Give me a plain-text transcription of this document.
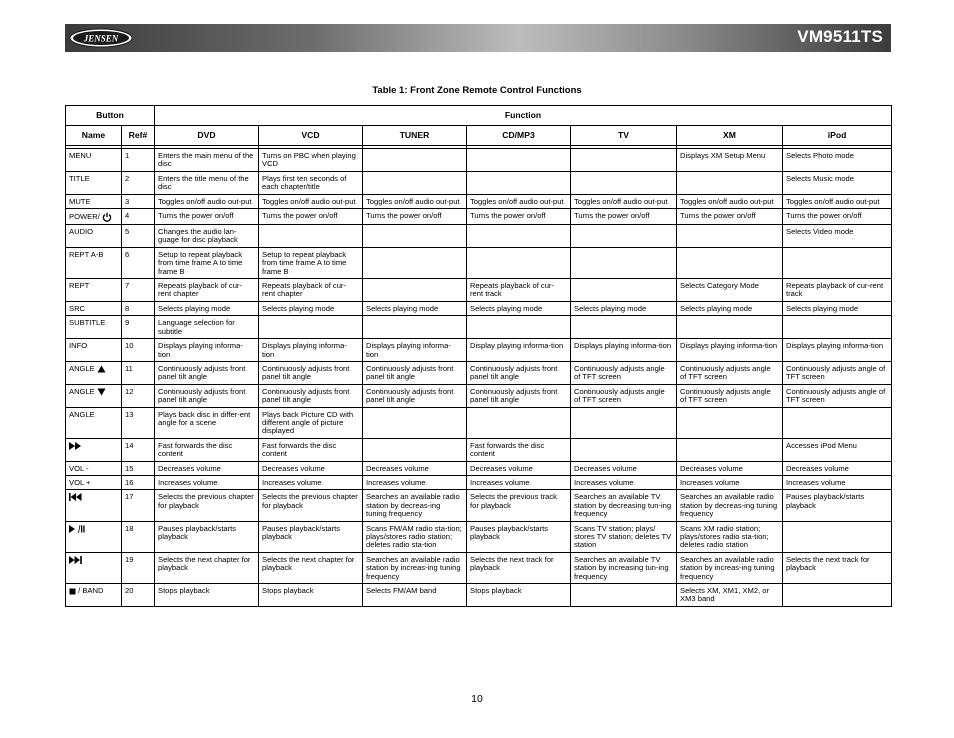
JENSEN	VM9511TS
Table 1: Front Zone Remote Control Functions
Button		Function						
Name	Ref#	DVD	VCD	TUNER	CD/MP3	TV	XM	iPod

MENU	1	Enters the main menu of the disc	Turns on PBC when playing VCD				Displays XM Setup Menu	Selects Photo mode
TITLE	2	Enters the title menu of the disc	Plays first ten seconds of each chapter/title					Selects Music mode
MUTE	3	Toggles on/off audio out-put	Toggles on/off audio out-put	Toggles on/off audio out-put	Toggles on/off audio out-put	Toggles on/off audio out-put	Toggles on/off audio out-put	Toggles on/off audio out-put
POWER/	4	Turns the power on/off	Turns the power on/off	Turns the power on/off	Turns the power on/off	Turns the power on/off	Turns the power on/off	Turns the power on/off
AUDIO	5	Changes the audio lan-guage for disc playback						Selects Video mode
REPT A-B	6	Setup to repeat playback from time frame A to time frame B	Setup to repeat playback from time frame A to time frame B					
REPT	7	Repeats playback of cur-rent chapter	Repeats playback of cur-rent chapter		Repeats playback of cur-rent track		Selects Category Mode	Repeats playback of cur-rent track
SRC	8	Selects playing mode	Selects playing mode	Selects playing mode	Selects playing mode	Selects playing mode	Selects playing mode	Selects playing mode
SUBTITLE	9	Language selection for subtitle						
INFO	10	Displays playing informa-tion	Displays playing informa-tion	Displays playing informa-tion	Display playing informa-tion	Displays playing informa-tion	Displays playing informa-tion	Displays playing informa-tion
ANGLE	11	Continuously adjusts front panel tilt angle	Continuously adjusts front panel tilt angle	Continuously adjusts front panel tilt angle	Continuously adjusts front panel tilt angle	Continuously adjusts angle of TFT screen	Continuously adjusts angle of TFT screen	Continuously adjusts angle of TFT screen
ANGLE	12	Continuously adjusts front panel tilt angle	Continuously adjusts front panel tilt angle	Continuously adjusts front panel tilt angle	Continuously adjusts front panel tilt angle	Continuously adjusts angle of TFT screen	Continuously adjusts angle of TFT screen	Continuously adjusts angle of TFT screen
ANGLE	13	Plays back disc in differ-ent angle for a scene	Plays back Picture CD with different angle of picture displayed					
	14	Fast forwards the disc content	Fast forwards the disc content		Fast forwards the disc content			Accesses iPod Menu
VOL -	15	Decreases volume	Decreases volume	Decreases volume	Decreases volume	Decreases volume	Decreases volume	Decreases volume
VOL +	16	Increases volume	Increases volume	Increases volume	Increases volume	Increases volume	Increases volume	Increases volume
	17	Selects the previous chapter for playback	Selects the previous chapter for playback	Searches an available radio station by decreas-ing tuning frequency	Selects the previous track for playback	Searches an available TV station by decreasing tun-ing frequency	Searches an available radio station by decreas-ing tuning frequency	Pauses playback/starts playback
	18	Pauses playback/starts playback	Pauses playback/starts playback	Scans FM/AM radio sta-tion; plays/stores radio station; deletes radio sta-tion	Pauses playback/starts playback	Scans TV station; plays/ stores TV station; deletes TV station	Scans XM radio station; plays/stores radio sta-tion; deletes radio station	
	19	Selects the next chapter for playback	Selects the next chapter for playback	Searches an available radio station by increas-ing tuning frequency	Selects the next track for playback	Searches an available TV station by increasing tun-ing frequency	Searches an available radio station by increas-ing tuning frequency	Selects the next track for playback
/ BAND	20	Stops playback	Stops playback	Selects FM/AM band	Stops playback		Selects XM, XM1, XM2, or XM3 band	
10
